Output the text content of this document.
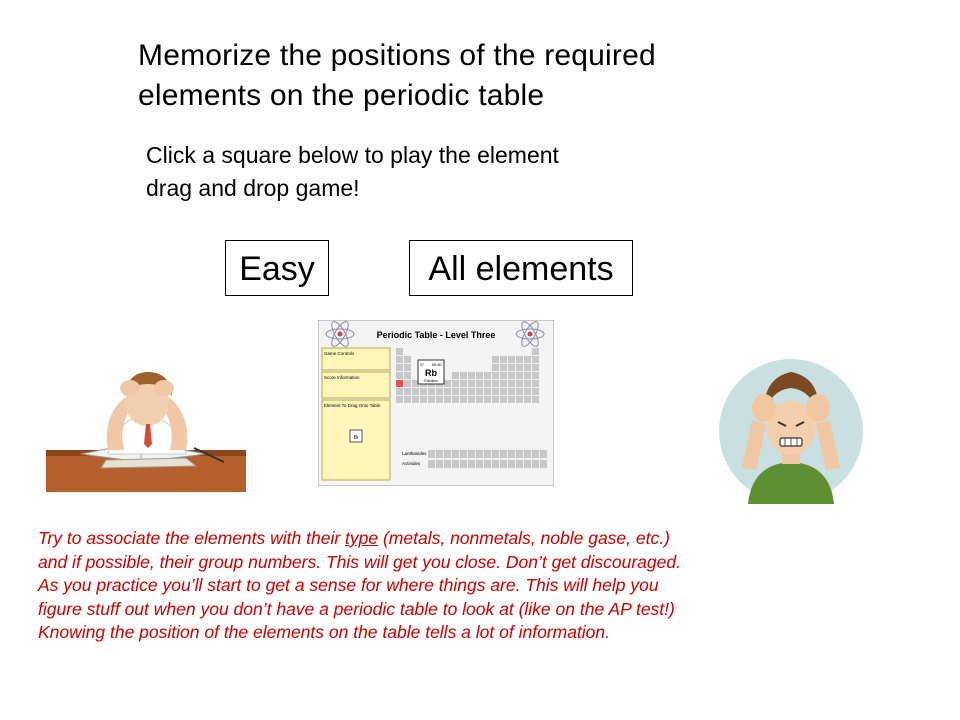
Memorize the positions of the required
elements on the periodic table
Click a square below to play the element
drag and drop game!
Easy	All elements
Periodic Table - Level Three
Game Controls
Score Information
Element To Drag Onto Table
Bi
Rb
37 85.467
Rubidium
Lanthanides
Actinides
Try to associate the elements with their type (metals, nonmetals, noble gase, etc.)
and if possible, their group numbers. This will get you close. Don’t get discouraged.
As you practice you’ll start to get a sense for where things are. This will help you
figure stuff out when you don’t have a periodic table to look at (like on the AP test!)
Knowing the position of the elements on the table tells a lot of information.
